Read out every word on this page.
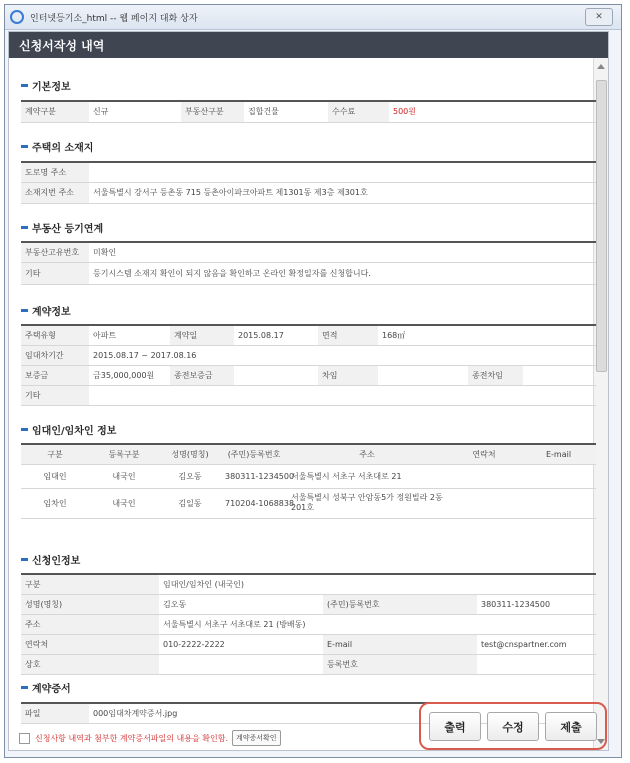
인터넷등기소_html -- 웹 페이지 대화 상자	✕
신청서작성 내역
기본정보
계약구분	신규	부동산구분	집합건물	수수료	500원
주택의 소재지
도로명 주소	
소재지번 주소	서울특별시 강서구 등촌동 715 등촌아이파크아파트 제1301동 제3층 제301호
부동산 등기연계
부동산고유번호	미확인
기타	등기시스템 소재지 확인이 되지 않음을 확인하고 온라인 확정일자를 신청합니다.
계약정보
주택유형	아파트	계약일	2015.08.17	면적	168㎡		
임대차기간	2015.08.17 ~ 2017.08.16						
보증금	금35,000,000원	종전보증금		차임		종전차임	
기타							
임대인/임차인 정보
구분	등록구분	성명(명칭)	(주민)등록번호	주소	연락처	E-mail
임대인	내국인	김오동	380311-1234500	서울특별시 서초구 서초대로 21		
임차인	내국인	김일동	710204-1068838	서울특별시 성북구 안암동5가 정원빌라 2동 201호		
신청인정보
구분	임대인/임차인 (내국인)		
성명(명칭)	김오동	(주민)등록번호	380311-1234500
주소	서울특별시 서초구 서초대로 21 (방배동)		
연락처	010-2222-2222	E-mail	test@cnspartner.com
상호		등록번호	
계약증서
파일	000임대차계약증서.jpg
신청사항 내역과 첨부한 계약증서파일의 내용을 확인함.	계약증서확인
출력	수정	제출
